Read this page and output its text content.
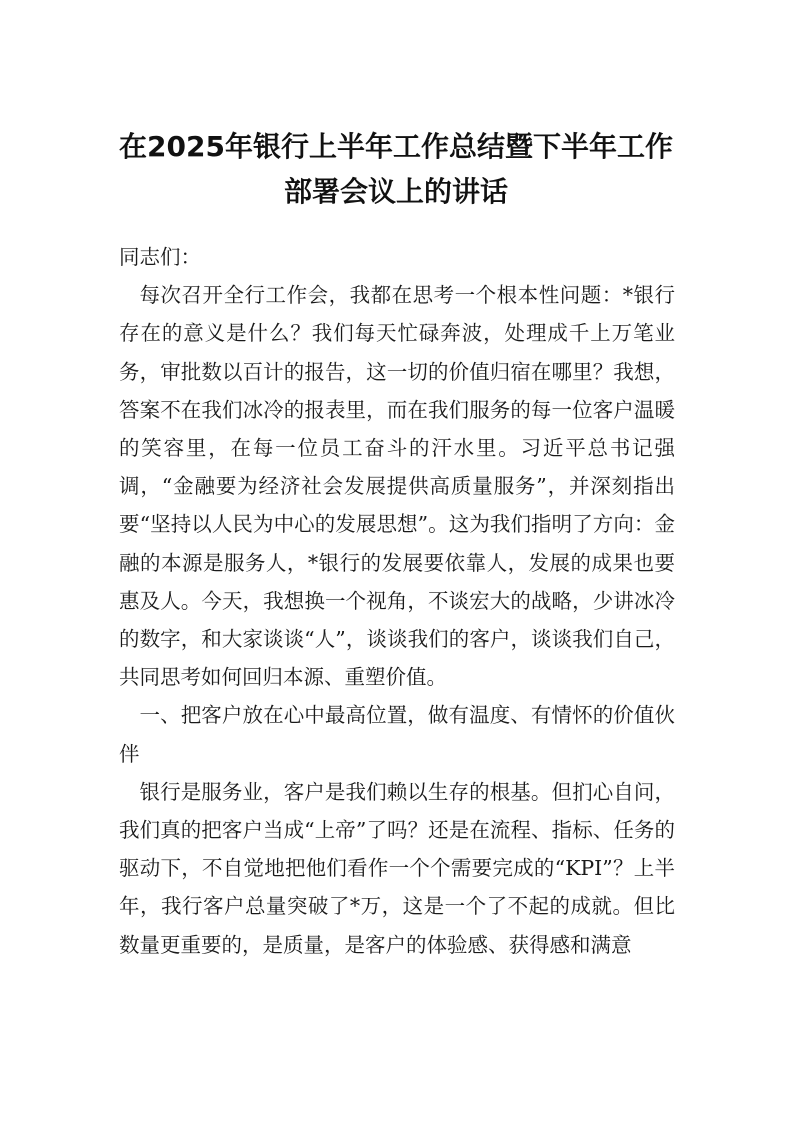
在2025年银行上半年工作总结暨下半年工作部署会议上的讲话

同志们：

每次召开全行工作会，我都在思考一个根本性问题：*银行存在的意义是什么？我们每天忙碌奔波，处理成千上万笔业务，审批数以百计的报告，这一切的价值归宿在哪里？我想，答案不在我们冰冷的报表里，而在我们服务的每一位客户温暖的笑容里，在每一位员工奋斗的汗水里。习近平总书记强调，“金融要为经济社会发展提供高质量服务”，并深刻指出要“坚持以人民为中心的发展思想”。这为我们指明了方向：金融的本源是服务人，*银行的发展要依靠人，发展的成果也要惠及人。今天，我想换一个视角，不谈宏大的战略，少讲冰冷的数字，和大家谈谈“人”，谈谈我们的客户，谈谈我们自己，共同思考如何回归本源、重塑价值。

一、把客户放在心中最高位置，做有温度、有情怀的价值伙伴

银行是服务业，客户是我们赖以生存的根基。但扪心自问，我们真的把客户当成“上帝”了吗？还是在流程、指标、任务的驱动下，不自觉地把他们看作一个个需要完成的“KPI”？上半年，我行客户总量突破了*万，这是一个了不起的成就。但比数量更重要的，是质量，是客户的体验感、获得感和满意
